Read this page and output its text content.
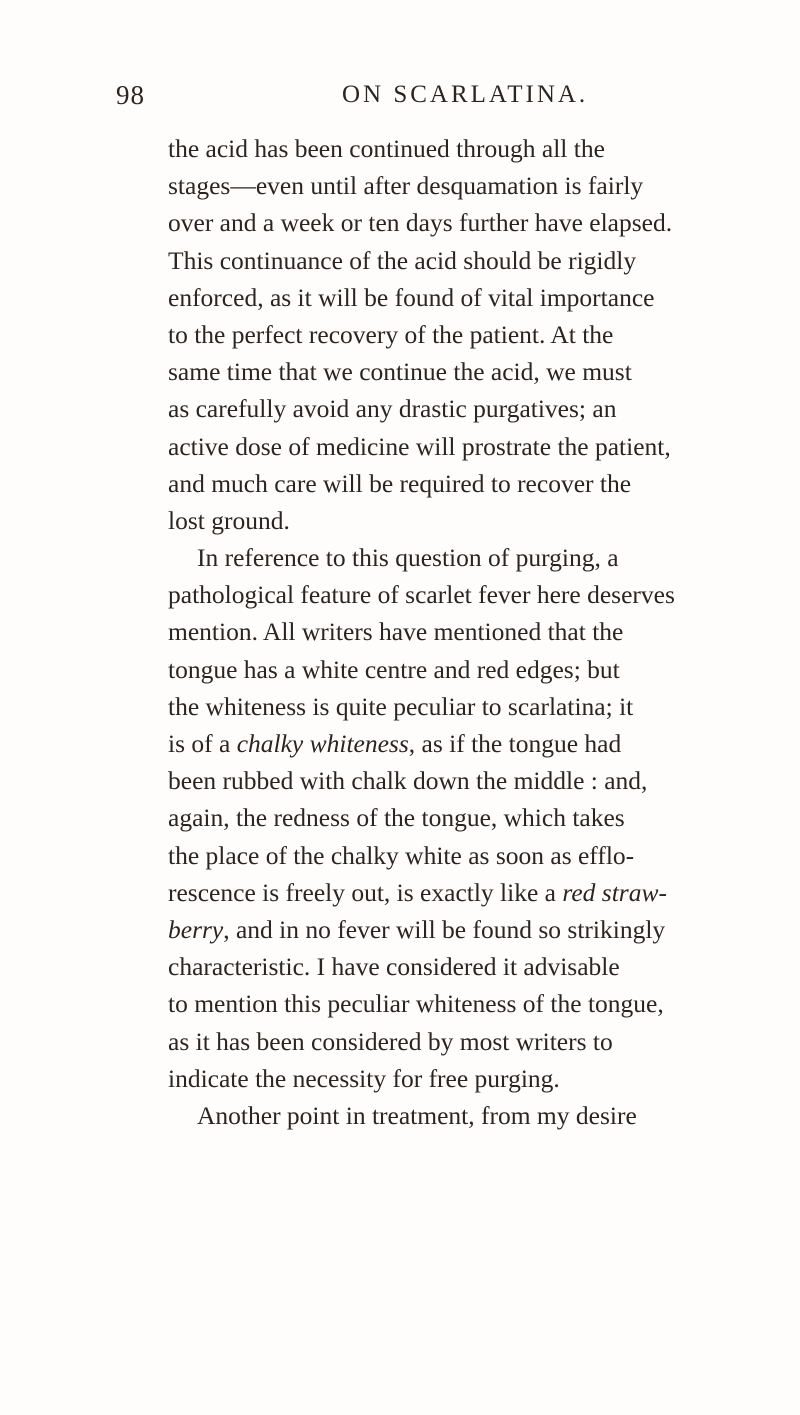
98	ON SCARLATINA.
the acid has been continued through all the
stages—even until after desquamation is fairly
over and a week or ten days further have elapsed.
This continuance of the acid should be rigidly
enforced, as it will be found of vital importance
to the perfect recovery of the patient. At the
same time that we continue the acid, we must
as carefully avoid any drastic purgatives; an
active dose of medicine will prostrate the patient,
and much care will be required to recover the
lost ground.
In reference to this question of purging, a
pathological feature of scarlet fever here deserves
mention. All writers have mentioned that the
tongue has a white centre and red edges; but
the whiteness is quite peculiar to scarlatina; it
is of a chalky whiteness, as if the tongue had
been rubbed with chalk down the middle : and,
again, the redness of the tongue, which takes
the place of the chalky white as soon as efflo-
rescence is freely out, is exactly like a red straw-
berry, and in no fever will be found so strikingly
characteristic. I have considered it advisable
to mention this peculiar whiteness of the tongue,
as it has been considered by most writers to
indicate the necessity for free purging.
Another point in treatment, from my desire
